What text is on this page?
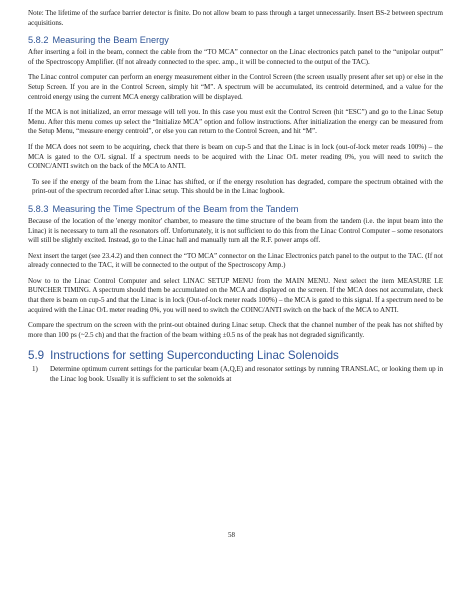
Note: The lifetime of the surface barrier detector is finite. Do not allow beam to pass through a target unnecessarily. Insert BS-2 between spectrum acquisitions.

5.8.2 Measuring the Beam Energy

After inserting a foil in the beam, connect the cable from the “TO MCA” connector on the Linac electronics patch panel to the “unipolar output” of the Spectroscopy Amplifier. (If not already connected to the spec. amp., it will be connected to the output of the TAC).

The Linac control computer can perform an energy measurement either in the Control Screen (the screen usually present after set up) or else in the Setup Screen. If you are in the Control Screen, simply hit “M”. A spectrum will be accumulated, its centroid determined, and a value for the centroid energy using the current MCA energy calibration will be displayed.

If the MCA is not initialized, an error message will tell you. In this case you must exit the Control Screen (hit “ESC”) and go to the Linac Setup Menu. After this menu comes up select the “Initialize MCA” option and follow instructions. After initialization the energy can be measured from the Setup Menu, “measure energy centroid”, or else you can return to the Control Screen, and hit “M”.

If the MCA does not seem to be acquiring, check that there is beam on cup-5 and that the Linac is in lock (out-of-lock meter reads 100%) – the MCA is gated to the O/L signal. If a spectrum needs to be acquired with the Linac O/L meter reading 0%, you will need to switch the COINC/ANTI switch on the back of the MCA to ANTI.

To see if the energy of the beam from the Linac has shifted, or if the energy resolution has degraded, compare the spectrum obtained with the print-out of the spectrum recorded after Linac setup. This should be in the Linac logbook.

5.8.3 Measuring the Time Spectrum of the Beam from the Tandem

Because of the location of the 'energy monitor' chamber, to measure the time structure of the beam from the tandem (i.e. the input beam into the Linac) it is necessary to turn all the resonators off. Unfortunately, it is not sufficient to do this from the Linac Control Computer – some resonators will still be slightly excited. Instead, go to the Linac hall and manually turn all the R.F. power amps off.

Next insert the target (see 23.4.2) and then connect the “TO MCA” connector on the Linac Electronics patch panel to the output to the TAC. (If not already connected to the TAC, it will be connected to the output of the Spectroscopy Amp.)

Now to to the Linac Control Computer and select LINAC SETUP MENU from the MAIN MENU. Next select the item MEASURE LE BUNCHER TIMING. A spectrum should them be accumulated on the MCA and displayed on the screen. If the MCA does not accumulate, check that there is beam on cup-5 and that the Linac is in lock (Out-of-lock meter reads 100%) – the MCA is gated to this signal. If a spectrum need to be acquired with the Linac O/L meter reading 0%, you will need to switch the COINC/ANTI switch on the back of the MCA to ANTI.

Compare the spectrum on the screen with the print-out obtained during Linac setup. Check that the channel number of the peak has not shifted by more than 100 ps (~2.5 ch) and that the fraction of the beam withing ±0.5 ns of the peak has not degraded significantly.

5.9 Instructions for setting Superconducting Linac Solenoids
1)	Determine optimum current settings for the particular beam (A,Q,E) and resonator settings by running TRANSLAC, or looking them up in the Linac log book. Usually it is sufficient to set the solenoids at
58
